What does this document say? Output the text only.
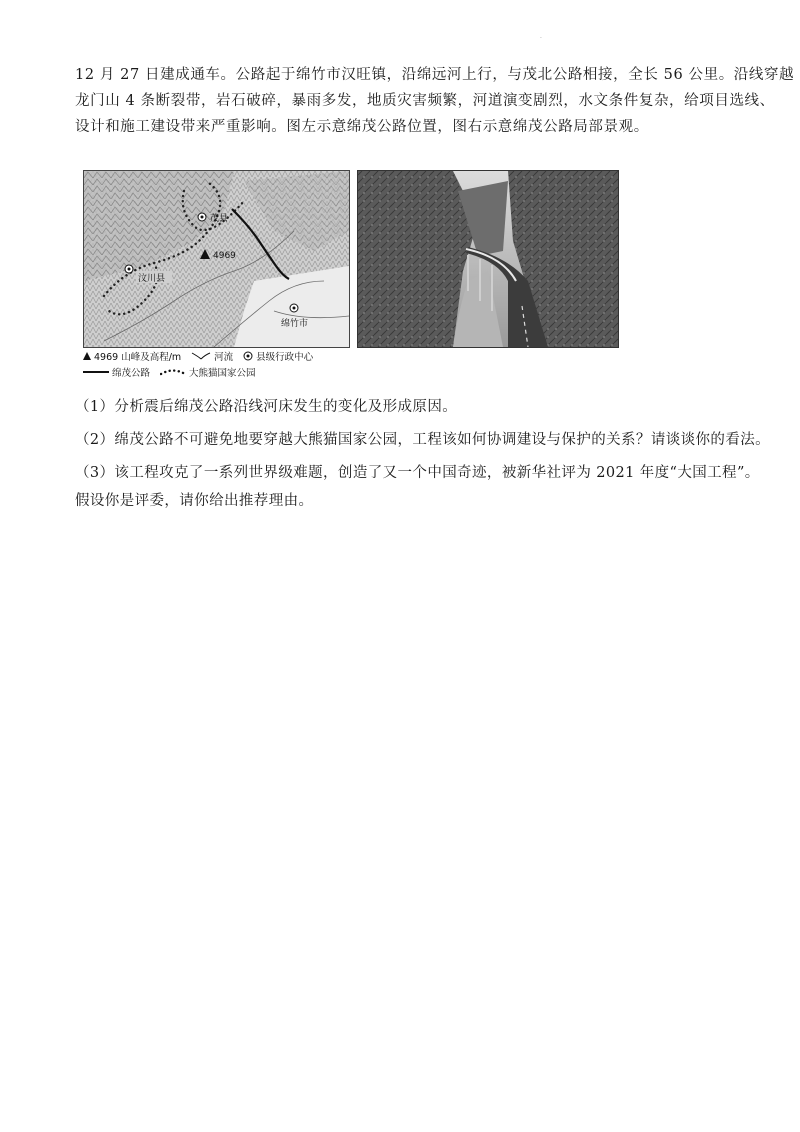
·
12 月 27 日建成通车。公路起于绵竹市汉旺镇，沿绵远河上行，与茂北公路相接，全长 56 公里。沿线穿越
龙门山 4 条断裂带，岩石破碎，暴雨多发，地质灾害频繁，河道演变剧烈，水文条件复杂，给项目选线、
设计和施工建设带来严重影响。图左示意绵茂公路位置，图右示意绵茂公路局部景观。
茂县
汶川县
绵竹市
4969
4969 山峰及高程/m	河流 县级行政中心
绵茂公路	大熊猫国家公园
（1）分析震后绵茂公路沿线河床发生的变化及形成原因。
（2）绵茂公路不可避免地要穿越大熊猫国家公园，工程该如何协调建设与保护的关系？请谈谈你的看法。
（3）该工程攻克了一系列世界级难题，创造了又一个中国奇迹，被新华社评为 2021 年度“大国工程”。
假设你是评委，请你给出推荐理由。
